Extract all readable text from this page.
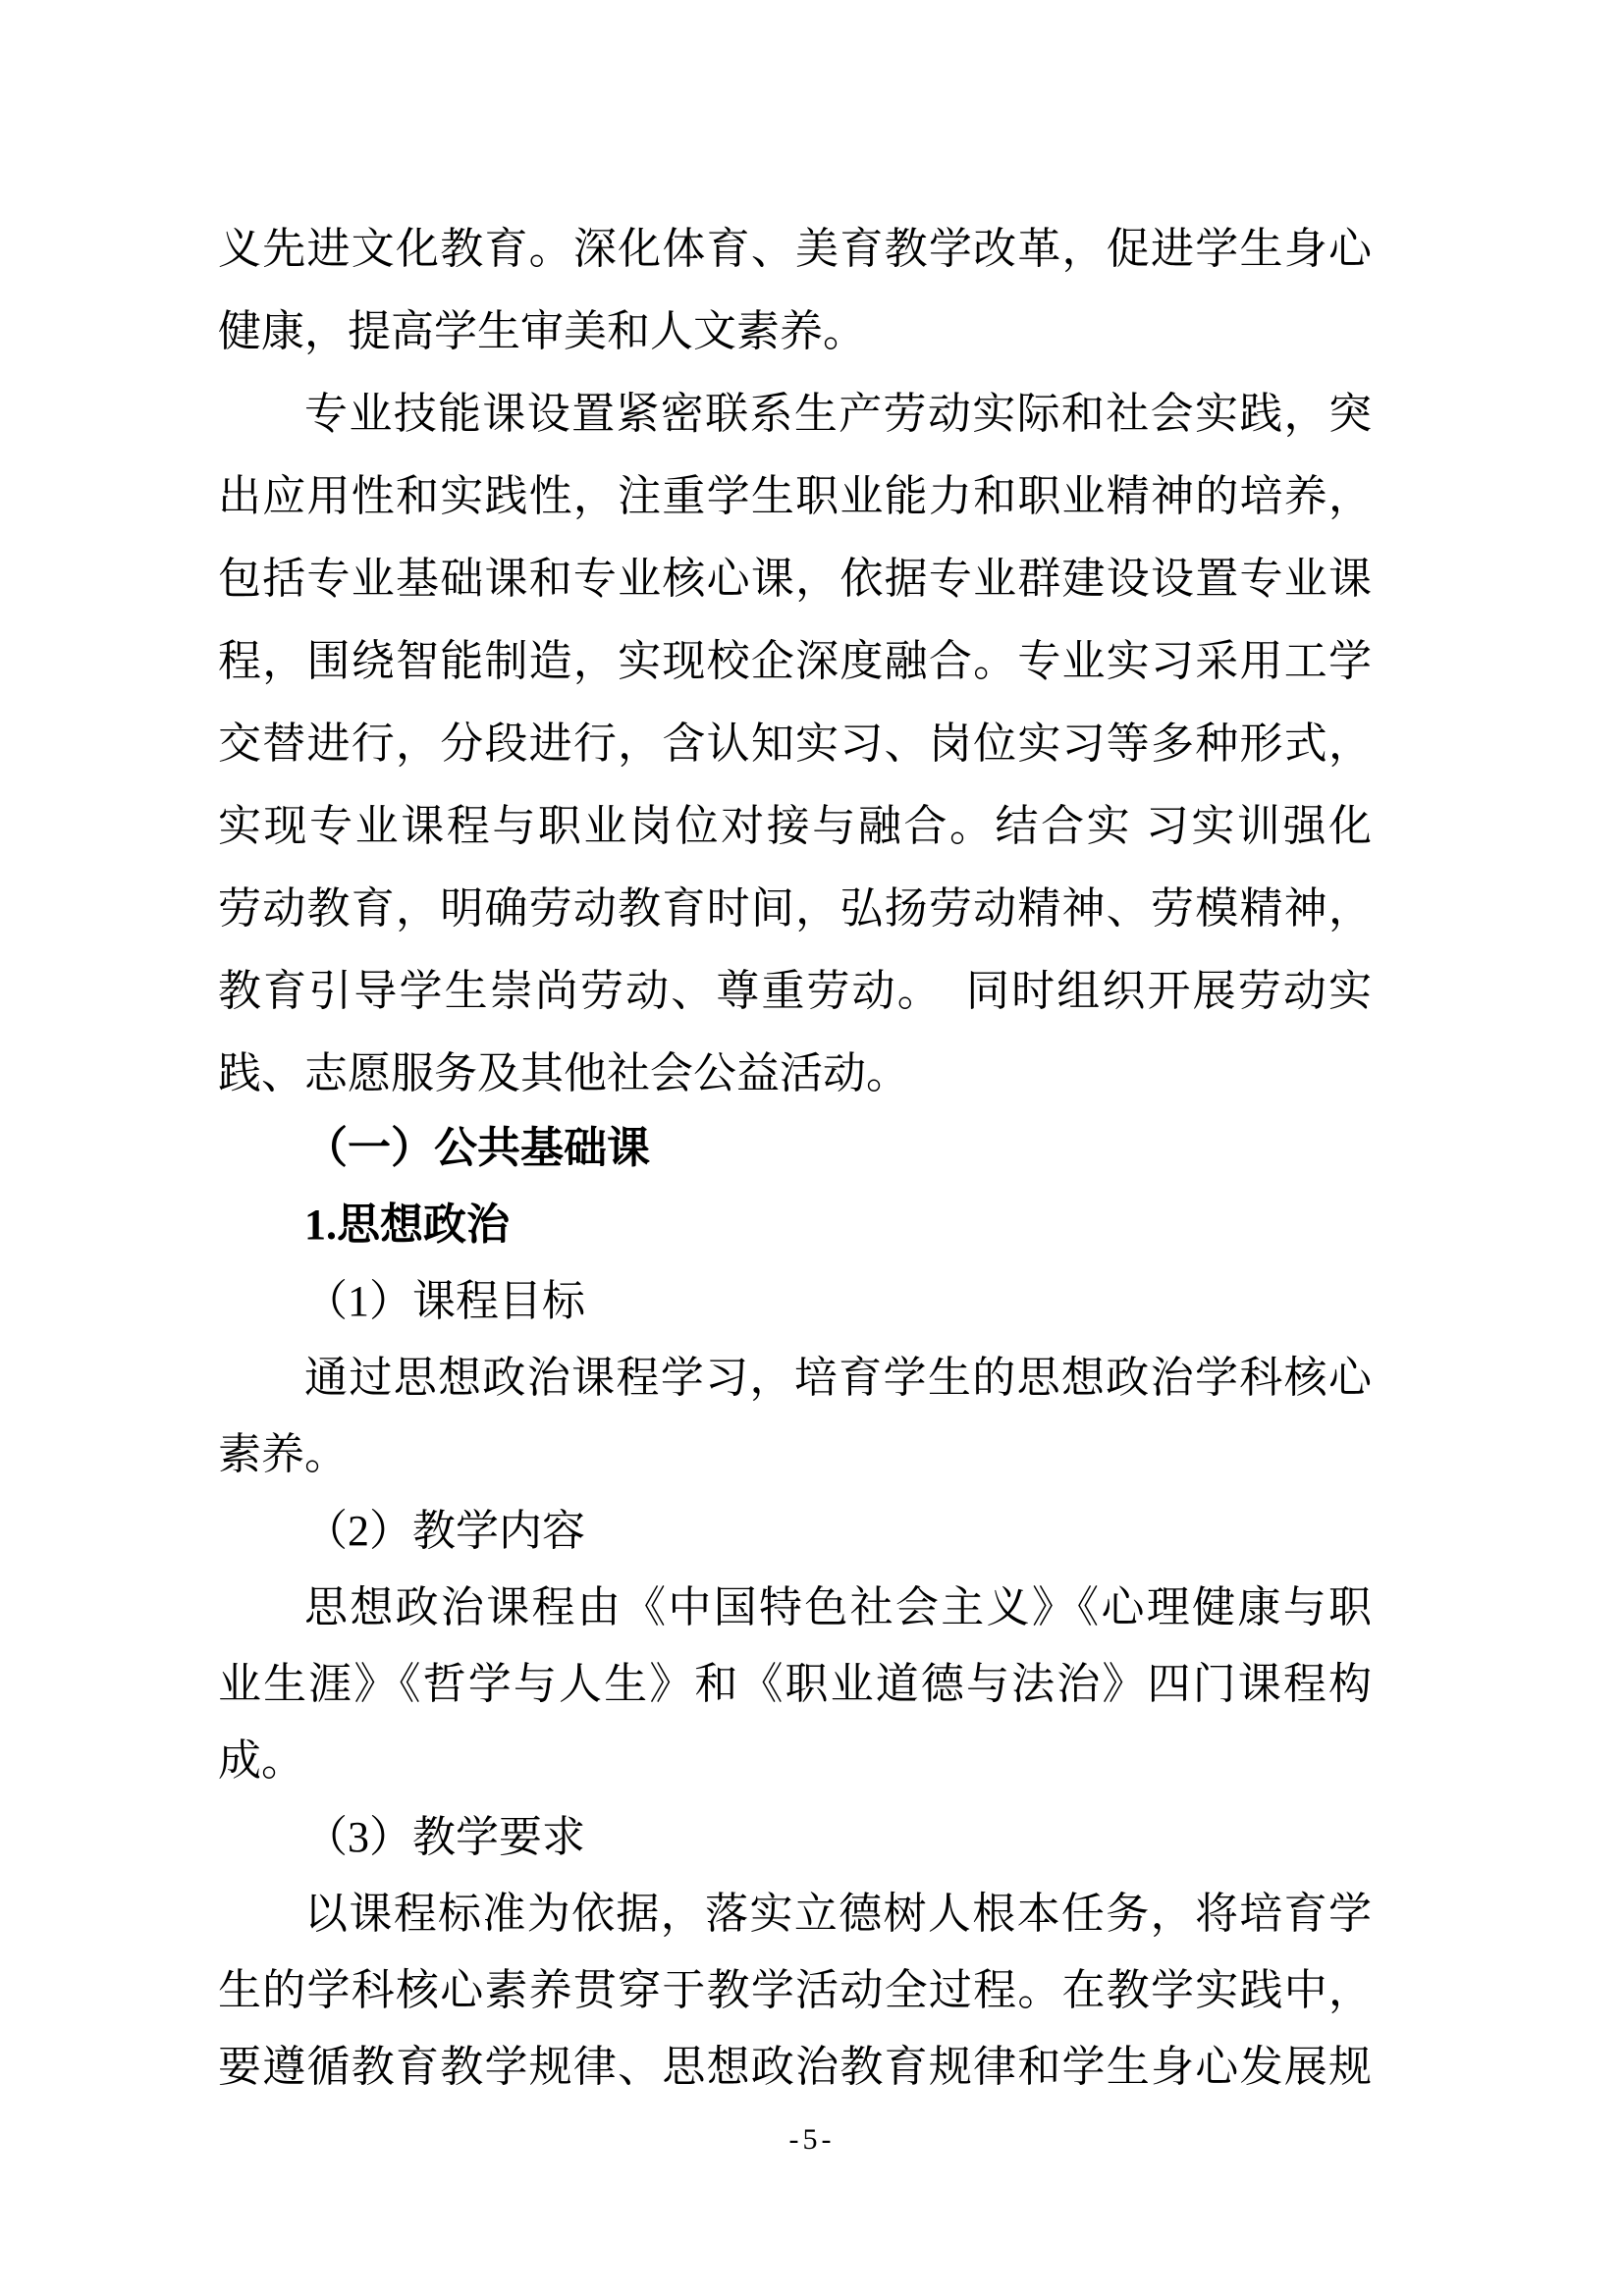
义先进文化教育。深化体育、美育教学改革，促进学生身心
健康，提高学生审美和人文素养。
专业技能课设置紧密联系生产劳动实际和社会实践，突
出应用性和实践性，注重学生职业能力和职业精神的培养，
包括专业基础课和专业核心课，依据专业群建设设置专业课
程，围绕智能制造，实现校企深度融合。专业实习采用工学
交替进行，分段进行，含认知实习、岗位实习等多种形式，
实现专业课程与职业岗位对接与融合。结合实 习实训强化
劳动教育，明确劳动教育时间，弘扬劳动精神、劳模精神，
教育引导学生崇尚劳动、尊重劳动。　同时组织开展劳动实
践、志愿服务及其他社会公益活动。
（一）公共基础课
1.思想政治
（1）课程目标
通过思想政治课程学习，培育学生的思想政治学科核心
素养。
（2）教学内容
思想政治课程由《中国特色社会主义》《心理健康与职
业生涯》《哲学与人生》和《职业道德与法治》四门课程构
成。
（3）教学要求
以课程标准为依据，落实立德树人根本任务，将培育学
生的学科核心素养贯穿于教学活动全过程。在教学实践中，
要遵循教育教学规律、思想政治教育规律和学生身心发展规
-5-
